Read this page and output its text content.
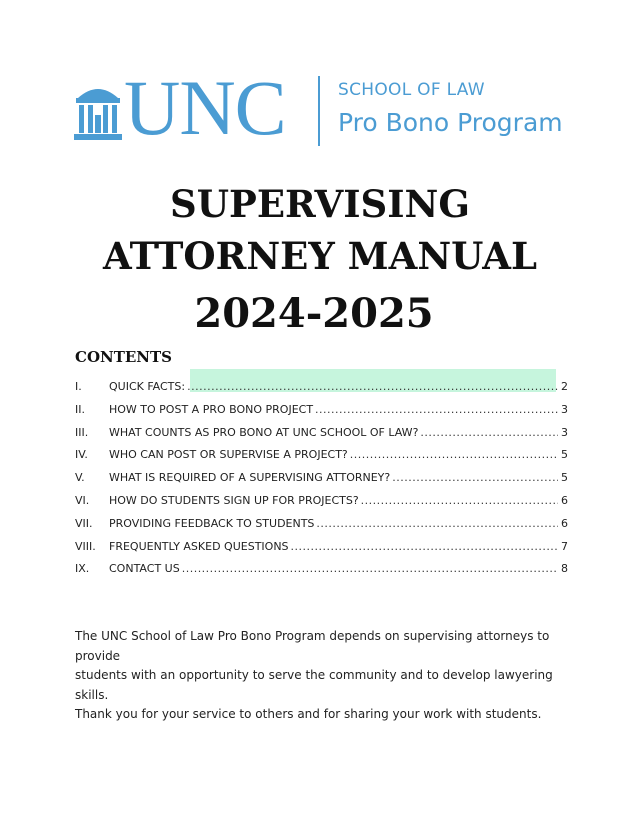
UNC	SCHOOL OF LAW
Pro Bono Program
SUPERVISING
ATTORNEY MANUAL
2024-2025
CONTENTS
I.	QUICK FACTS: .....	2
II.	HOW TO POST A PRO BONO PROJECT .....	3
III.	WHAT COUNTS AS PRO BONO AT UNC SCHOOL OF LAW? .....	3
IV.	WHO CAN POST OR SUPERVISE A PROJECT? .....	5
V.	WHAT IS REQUIRED OF A SUPERVISING ATTORNEY? .....	5
VI.	HOW DO STUDENTS SIGN UP FOR PROJECTS? .....	6
VII.	PROVIDING FEEDBACK TO STUDENTS .....	6
VIII.	FREQUENTLY ASKED QUESTIONS .....	7
IX.	CONTACT US .....	8
The UNC School of Law Pro Bono Program depends on supervising attorneys to provide
students with an opportunity to serve the community and to develop lawyering skills.
Thank you for your service to others and for sharing your work with students.
